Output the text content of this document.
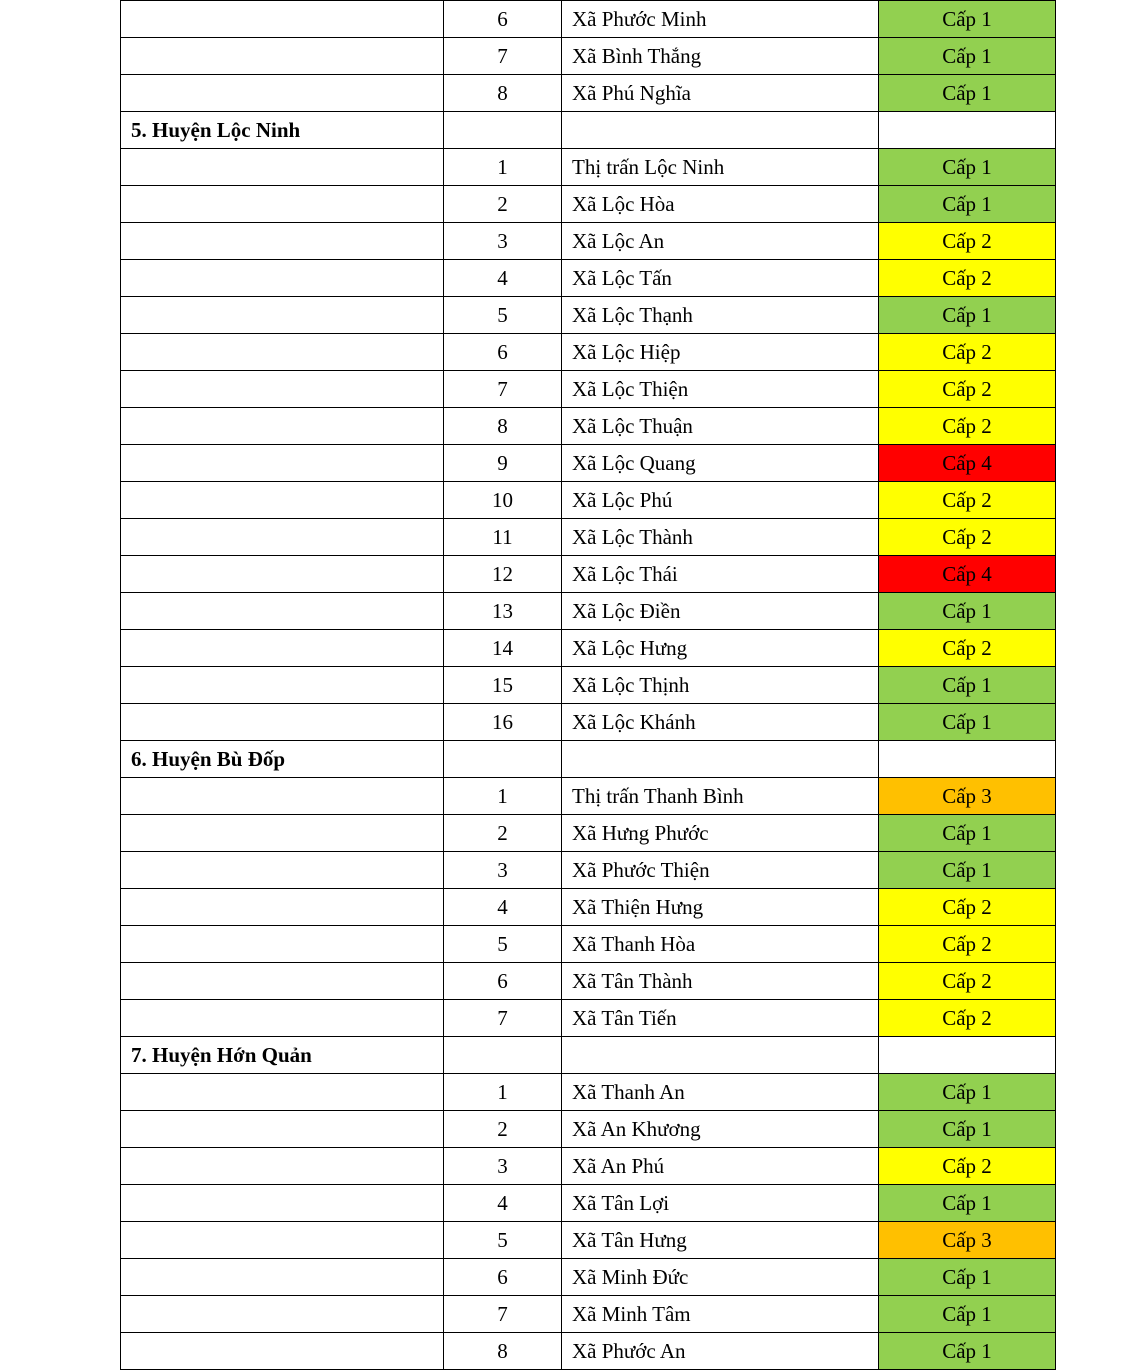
	6	Xã Phước Minh	Cấp 1
	7	Xã Bình Thắng	Cấp 1
	8	Xã Phú Nghĩa	Cấp 1
5. Huyện Lộc Ninh			
	1	Thị trấn Lộc Ninh	Cấp 1
	2	Xã Lộc Hòa	Cấp 1
	3	Xã Lộc An	Cấp 2
	4	Xã Lộc Tấn	Cấp 2
	5	Xã Lộc Thạnh	Cấp 1
	6	Xã Lộc Hiệp	Cấp 2
	7	Xã Lộc Thiện	Cấp 2
	8	Xã Lộc Thuận	Cấp 2
	9	Xã Lộc Quang	Cấp 4
	10	Xã Lộc Phú	Cấp 2
	11	Xã Lộc Thành	Cấp 2
	12	Xã Lộc Thái	Cấp 4
	13	Xã Lộc Điền	Cấp 1
	14	Xã Lộc Hưng	Cấp 2
	15	Xã Lộc Thịnh	Cấp 1
	16	Xã Lộc Khánh	Cấp 1
6. Huyện Bù Đốp			
	1	Thị trấn Thanh Bình	Cấp 3
	2	Xã Hưng Phước	Cấp 1
	3	Xã Phước Thiện	Cấp 1
	4	Xã Thiện Hưng	Cấp 2
	5	Xã Thanh Hòa	Cấp 2
	6	Xã Tân Thành	Cấp 2
	7	Xã Tân Tiến	Cấp 2
7. Huyện Hớn Quản			
	1	Xã Thanh An	Cấp 1
	2	Xã An Khương	Cấp 1
	3	Xã An Phú	Cấp 2
	4	Xã Tân Lợi	Cấp 1
	5	Xã Tân Hưng	Cấp 3
	6	Xã Minh Đức	Cấp 1
	7	Xã Minh Tâm	Cấp 1
	8	Xã Phước An	Cấp 1
